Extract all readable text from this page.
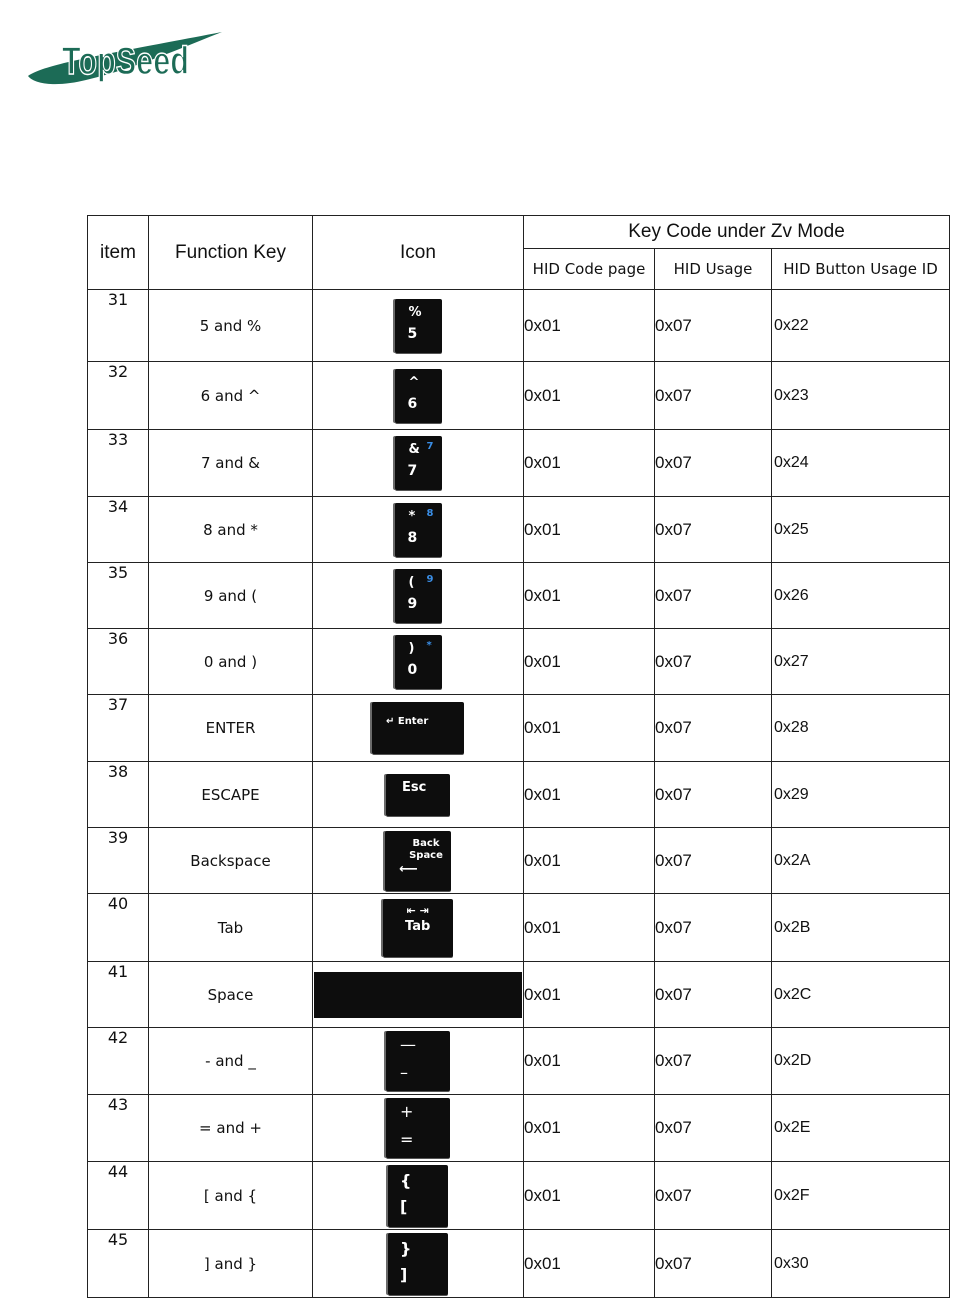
TopSeed
item	Function Key	Icon	Key Code under Zv Mode		
			HID Code page	HID Usage	HID Button Usage ID
31	5 and %	%
5	0x01	0x07	0x22
32	6 and ^	^
6	0x01	0x07	0x23
33	7 and &	&
7
7	0x01	0x07	0x24
34	8 and *	*
8
8	0x01	0x07	0x25
35	9 and (	(
9
9	0x01	0x07	0x26
36	0 and )	)
0
*	0x01	0x07	0x27
37	ENTER	↵ Enter	0x01	0x07	0x28
38	ESCAPE	Esc	0x01	0x07	0x29
39	Backspace	Back Space
⟵	0x01	0x07	0x2A
40	Tab	⇤ ⇥
Tab	0x01	0x07	0x2B
41	Space		0x01	0x07	0x2C
42	- and _	—
–	0x01	0x07	0x2D
43	= and +	+
=	0x01	0x07	0x2E
44	[ and {	{
[	0x01	0x07	0x2F
45	] and }	}
]	0x01	0x07	0x30
